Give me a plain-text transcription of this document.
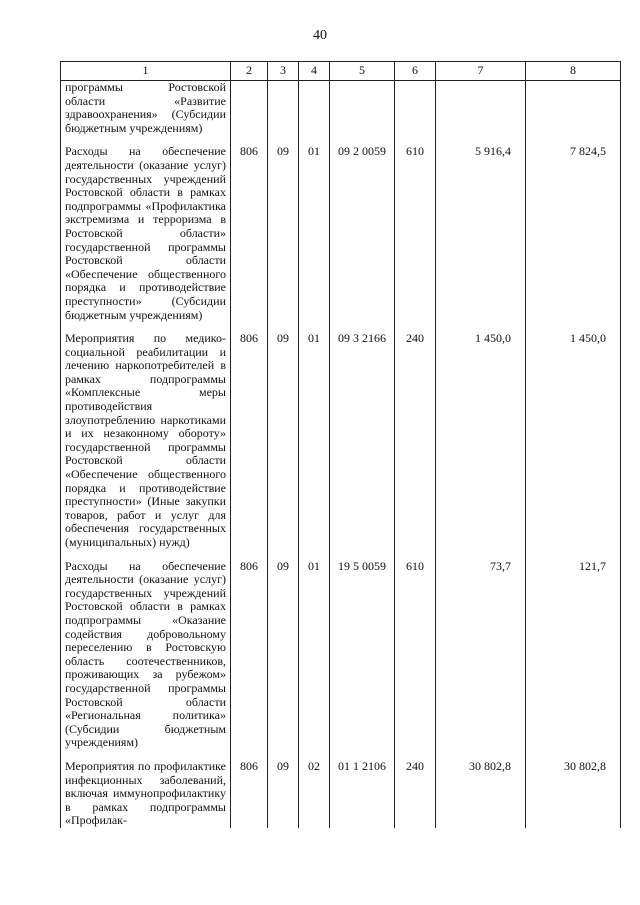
40
1	2	3	4	5	6	7	8
программы Ростовской области «Развитие здравоохранения» (Субсидии бюджетным учреждениям)							
Расходы на обеспечение деятельности (оказание услуг) государственных учреждений Ростовской области в рамках подпрограммы «Профилактика экстремизма и терроризма в Ростовской области» государственной программы Ростовской области «Обеспечение общественного порядка и противодействие преступности» (Субсидии бюджетным учреждениям)	806	09	01	09 2 0059	610	5 916,4	7 824,5
Мероприятия по медико-социальной реабилитации и лечению наркопотребителей в рамках подпрограммы «Комплексные меры противодействия злоупотреблению наркотиками и их незаконному обороту» государственной программы Ростовской области «Обеспечение общественного порядка и противодействие преступности» (Иные закупки товаров, работ и услуг для обеспечения государственных (муниципальных) нужд)	806	09	01	09 3 2166	240	1 450,0	1 450,0
Расходы на обеспечение деятельности (оказание услуг) государственных учреждений Ростовской области в рамках подпрограммы «Оказание содействия добровольному переселению в Ростовскую область соотечественников, проживающих за рубежом» государственной программы Ростовской области «Региональная политика» (Субсидии бюджетным учреждениям)	806	09	01	19 5 0059	610	73,7	121,7
Мероприятия по профилактике инфекционных заболеваний, включая иммунопрофилактику в рамках подпрограммы «Профилак-	806	09	02	01 1 2106	240	30 802,8	30 802,8
